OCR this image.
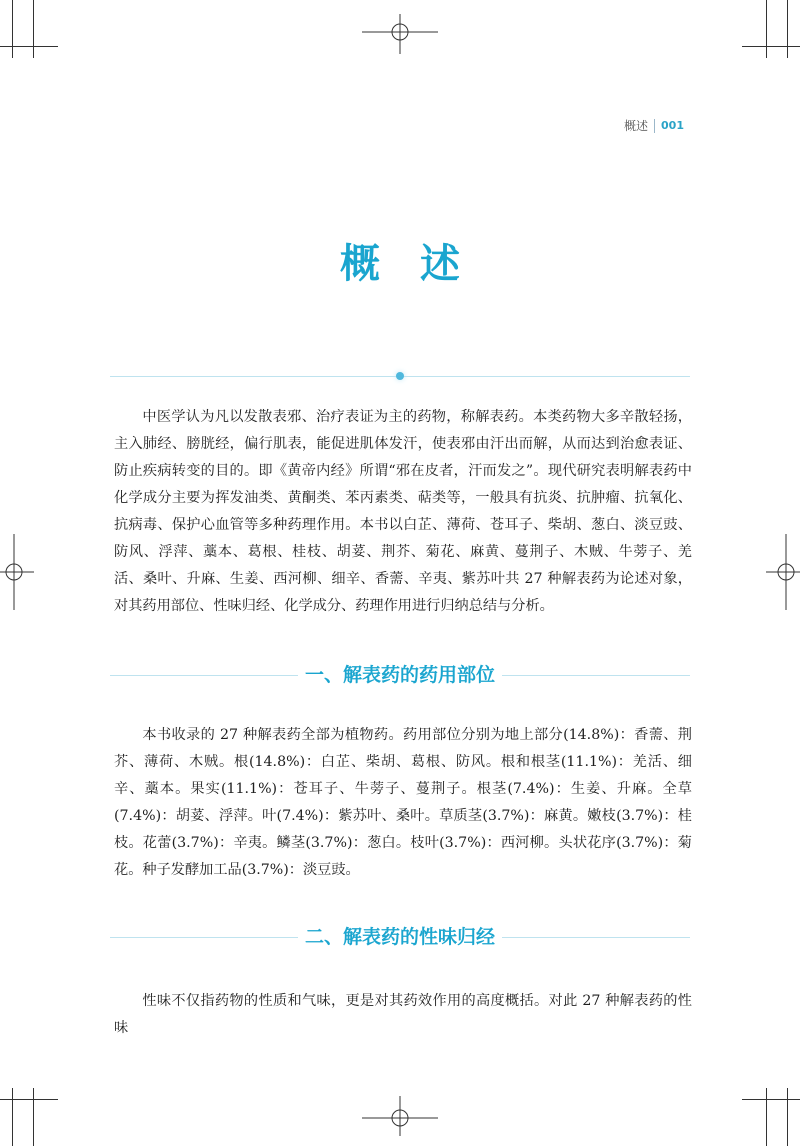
概述 001
概述

中医学认为凡以发散表邪、治疗表证为主的药物，称解表药。本类药物大多辛散轻扬，主入肺经、膀胱经，偏行肌表，能促进肌体发汗，使表邪由汗出而解，从而达到治愈表证、防止疾病转变的目的。即《黄帝内经》所谓“邪在皮者，汗而发之”。现代研究表明解表药中化学成分主要为挥发油类、黄酮类、苯丙素类、萜类等，一般具有抗炎、抗肿瘤、抗氧化、抗病毒、保护心血管等多种药理作用。本书以白芷、薄荷、苍耳子、柴胡、葱白、淡豆豉、防风、浮萍、藁本、葛根、桂枝、胡荽、荆芥、菊花、麻黄、蔓荆子、木贼、牛蒡子、羌活、桑叶、升麻、生姜、西河柳、细辛、香薷、辛夷、紫苏叶共 27 种解表药为论述对象，对其药用部位、性味归经、化学成分、药理作用进行归纳总结与分析。

一、解表药的药用部位

本书收录的 27 种解表药全部为植物药。药用部位分别为地上部分(14.8%)：香薷、荆芥、薄荷、木贼。根(14.8%)：白芷、柴胡、葛根、防风。根和根茎(11.1%)：羌活、细辛、藁本。果实(11.1%)：苍耳子、牛蒡子、蔓荆子。根茎(7.4%)：生姜、升麻。全草(7.4%)：胡荽、浮萍。叶(7.4%)：紫苏叶、桑叶。草质茎(3.7%)：麻黄。嫩枝(3.7%)：桂枝。花蕾(3.7%)：辛夷。鳞茎(3.7%)：葱白。枝叶(3.7%)：西河柳。头状花序(3.7%)：菊花。种子发酵加工品(3.7%)：淡豆豉。

二、解表药的性味归经

性味不仅指药物的性质和气味，更是对其药效作用的高度概括。对此 27 种解表药的性味
